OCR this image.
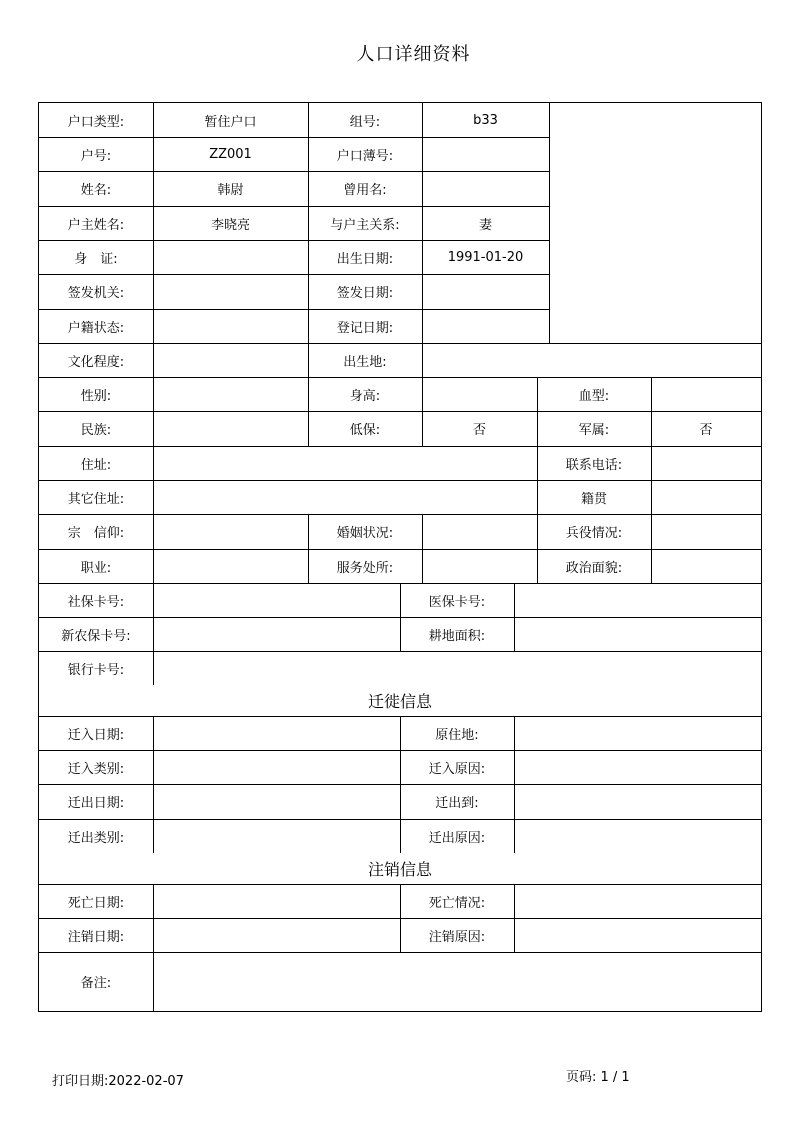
人口详细资料
户口类型:	暂住户口	组号:	b33
户号:	ZZ001	户口薄号:
姓名:	韩尉	曾用名:
户主姓名:	李晓亮	与户主关系:	妻
身　证:	出生日期:	1991-01-20
签发机关:	签发日期:
户籍状态:	登记日期:
文化程度:	出生地:
性别:	身高:	血型:
民族:	低保:	否	军属:	否
住址:	联系电话:
其它住址:	籍贯
宗　信仰:	婚姻状况:	兵役情况:
职业:	服务处所:	政治面貌:
社保卡号:	医保卡号:
新农保卡号:	耕地面积:
银行卡号:
迁徙信息
迁入日期:	原住地:
迁入类别:	迁入原因:
迁出日期:	迁出到:
迁出类别:	迁出原因:
注销信息
死亡日期:	死亡情况:
注销日期:	注销原因:
备注:
打印日期:2022-02-07	页码: 1 / 1
